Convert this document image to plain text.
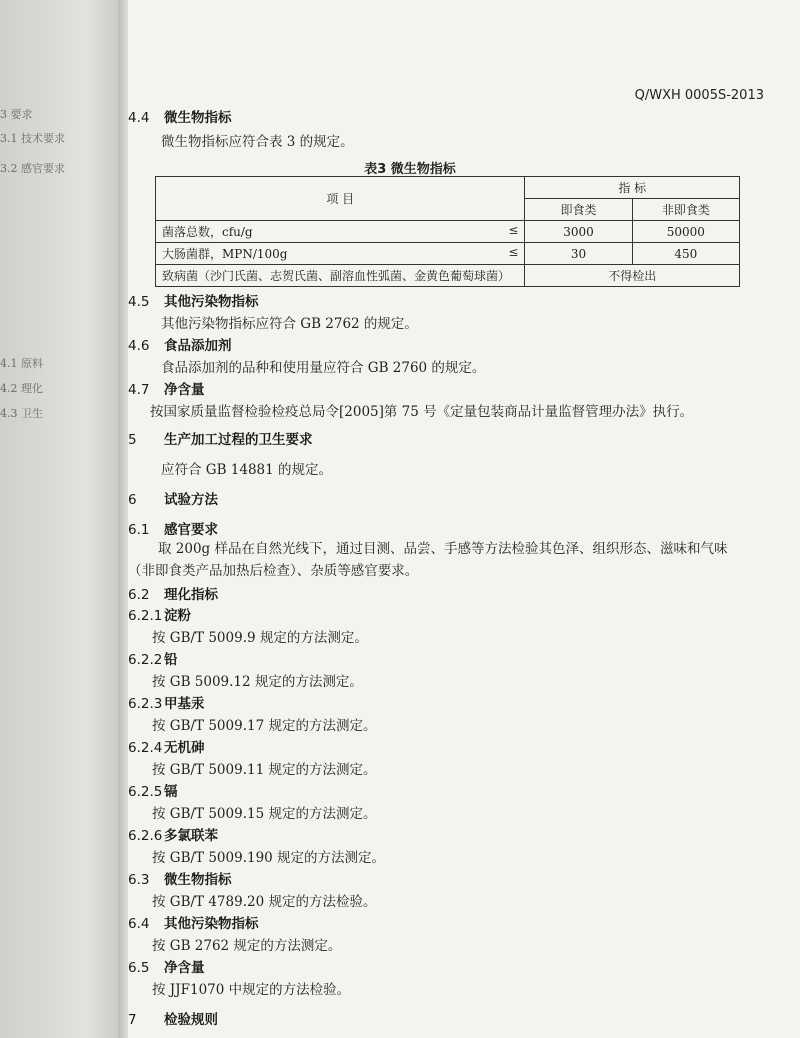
3 要求
3.1 技术要求
3.2 感官要求
4.1 原料
4.2 理化
4.3 卫生
Q/WXH 0005S-2013
4.4 微生物指标
微生物指标应符合表 3 的规定。
表3 微生物指标
项 目	指 标	
	即食类	非即食类
菌落总数，cfu/g ≤	3000	50000
大肠菌群，MPN/100g ≤	30	450
致病菌（沙门氏菌、志贺氏菌、副溶血性弧菌、金黄色葡萄球菌）	不得检出	
4.5 其他污染物指标
其他污染物指标应符合 GB 2762 的规定。
4.6 食品添加剂
食品添加剂的品种和使用量应符合 GB 2760 的规定。
4.7 净含量
按国家质量监督检验检疫总局令[2005]第 75 号《定量包装商品计量监督管理办法》执行。
5 生产加工过程的卫生要求
应符合 GB 14881 的规定。
6 试验方法
6.1 感官要求
取 200g 样品在自然光线下，通过目测、品尝、手感等方法检验其色泽、组织形态、滋味和气味（非即食类产品加热后检查）、杂质等感官要求。
6.2 理化指标
6.2.1 淀粉
按 GB/T 5009.9 规定的方法测定。
6.2.2 铅
按 GB 5009.12 规定的方法测定。
6.2.3 甲基汞
按 GB/T 5009.17 规定的方法测定。
6.2.4 无机砷
按 GB/T 5009.11 规定的方法测定。
6.2.5 镉
按 GB/T 5009.15 规定的方法测定。
6.2.6 多氯联苯
按 GB/T 5009.190 规定的方法测定。
6.3 微生物指标
按 GB/T 4789.20 规定的方法检验。
6.4 其他污染物指标
按 GB 2762 规定的方法测定。
6.5 净含量
按 JJF1070 中规定的方法检验。
7 检验规则
